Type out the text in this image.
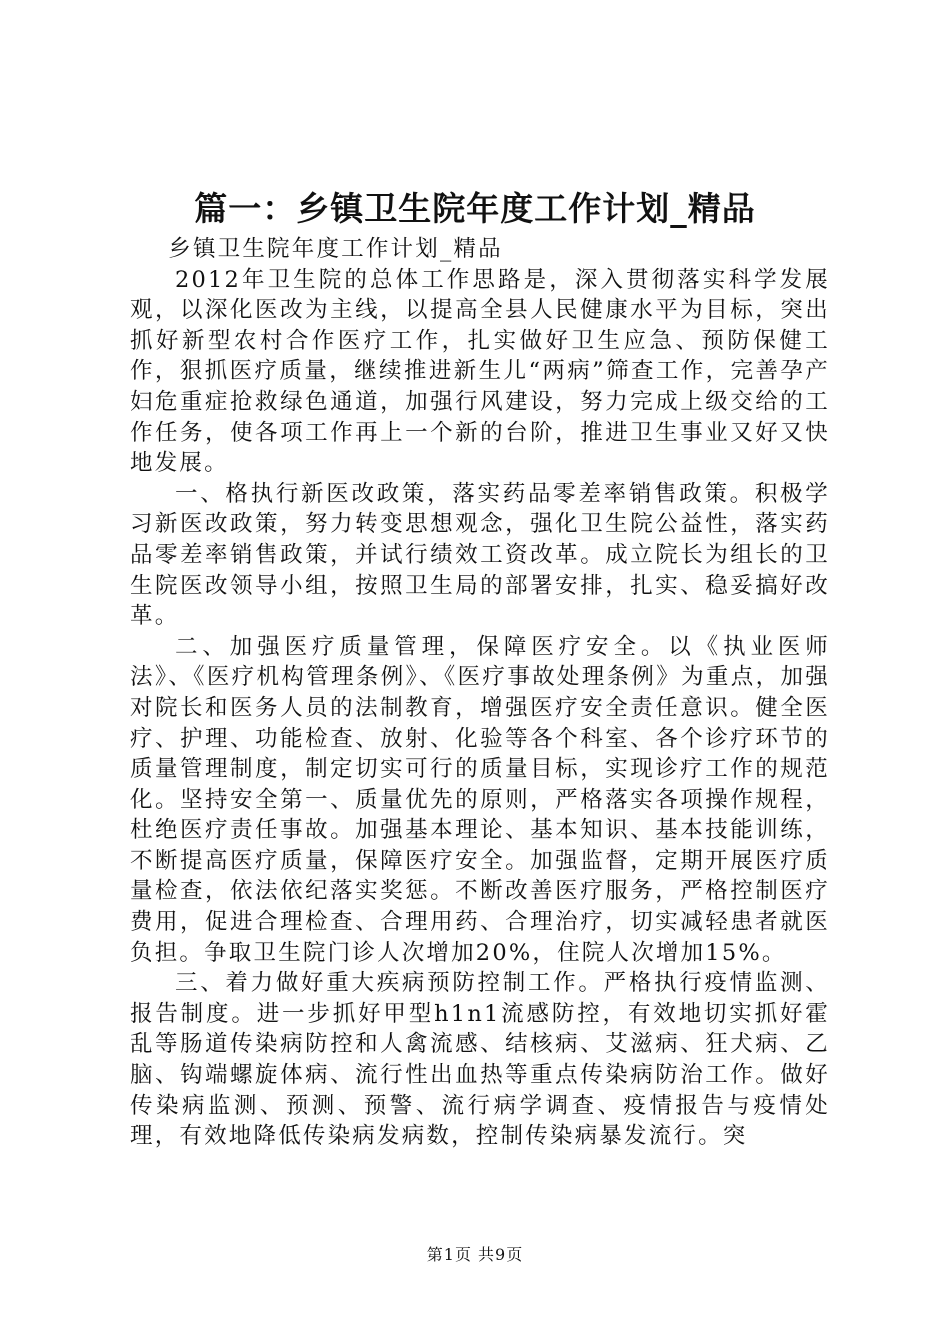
篇一：乡镇卫生院年度工作计划_精品

乡镇卫生院年度工作计划_精品

2012年卫生院的总体工作思路是，深入贯彻落实科学发展观，以深化医改为主线，以提高全县人民健康水平为目标，突出抓好新型农村合作医疗工作，扎实做好卫生应急、预防保健工作，狠抓医疗质量，继续推进新生儿“两病”筛查工作，完善孕产妇危重症抢救绿色通道，加强行风建设，努力完成上级交给的工作任务，使各项工作再上一个新的台阶，推进卫生事业又好又快地发展。

一、格执行新医改政策，落实药品零差率销售政策。积极学习新医改政策，努力转变思想观念，强化卫生院公益性，落实药品零差率销售政策，并试行绩效工资改革。成立院长为组长的卫生院医改领导小组，按照卫生局的部署安排，扎实、稳妥搞好改革。

二、加强医疗质量管理，保障医疗安全。以《执业医师法》、《医疗机构管理条例》、《医疗事故处理条例》为重点，加强对院长和医务人员的法制教育，增强医疗安全责任意识。健全医疗、护理、功能检查、放射、化验等各个科室、各个诊疗环节的质量管理制度，制定切实可行的质量目标，实现诊疗工作的规范化。坚持安全第一、质量优先的原则，严格落实各项操作规程，杜绝医疗责任事故。加强基本理论、基本知识、基本技能训练，不断提高医疗质量，保障医疗安全。加强监督，定期开展医疗质量检查，依法依纪落实奖惩。不断改善医疗服务，严格控制医疗费用，促进合理检查、合理用药、合理治疗，切实减轻患者就医负担。争取卫生院门诊人次增加20%，住院人次增加15%。

三、着力做好重大疾病预防控制工作。严格执行疫情监测、报告制度。进一步抓好甲型h1n1流感防控，有效地切实抓好霍乱等肠道传染病防控和人禽流感、结核病、艾滋病、狂犬病、乙脑、钩端螺旋体病、流行性出血热等重点传染病防治工作。做好传染病监测、预测、预警、流行病学调查、疫情报告与疫情处理，有效地降低传染病发病数，控制传染病暴发流行。突

第1页 共9页
